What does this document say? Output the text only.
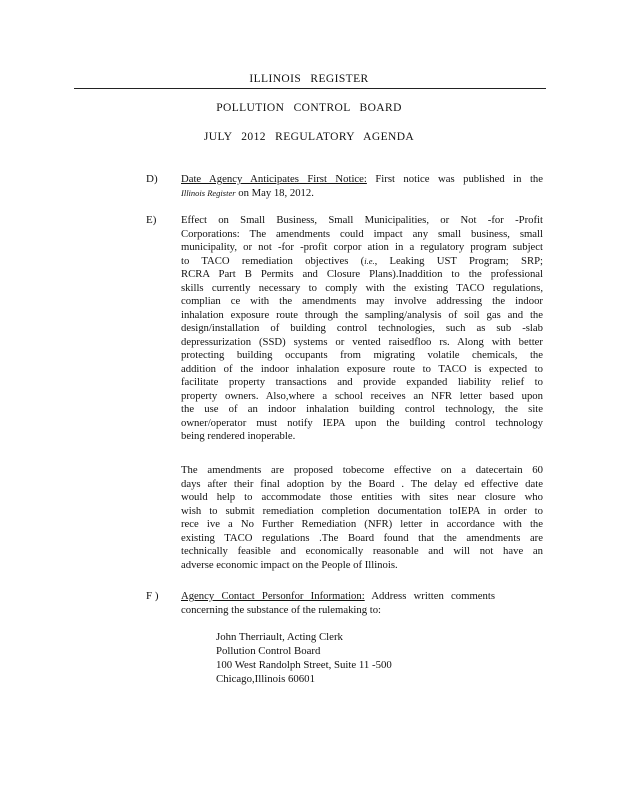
ILLINOIS REGISTER
POLLUTION CONTROL BOARD
JULY 2012 REGULATORY AGENDA
D) Date Agency Anticipates First Notice: First notice was published in the
Illinois Register on May 18, 2012.
E) Effect on Small Business, Small Municipalities, or Not -for -Profit
Corporations: The amendments could impact any small business, small
municipality, or not -for -profit corpor ation in a regulatory program subject
to TACO remediation objectives (i.e., Leaking UST Program; SRP;
RCRA Part B Permits and Closure Plans).Inaddition to the professional
skills currently necessary to comply with the existing TACO regulations,
complian ce with the amendments may involve addressing the indoor
inhalation exposure route through the sampling/analysis of soil gas and the
design/installation of building control technologies, such as sub -slab
depressurization (SSD) systems or vented raisedfloo rs. Along with better
protecting building occupants from migrating volatile chemicals, the
addition of the indoor inhalation exposure route to TACO is expected to
facilitate property transactions and provide expanded liability relief to
property owners. Also,where a school receives an NFR letter based upon
the use of an indoor inhalation building control technology, the site
owner/operator must notify IEPA upon the building control technology
being rendered inoperable.
The amendments are proposed tobecome effective on a datecertain 60
days after their final adoption by the Board . The delay ed effective date
would help to accommodate those entities with sites near closure who
wish to submit remediation completion documentation toIEPA in order to
rece ive a No Further Remediation (NFR) letter in accordance with the
existing TACO regulations .The Board found that the amendments are
technically feasible and economically reasonable and will not have an
adverse economic impact on the People of Illinois.
F ) Agency Contact Personfor Information: Address written comments
concerning the substance of the rulemaking to:
John Therriault, Acting Clerk
Pollution Control Board
100 West Randolph Street, Suite 11 -500
Chicago,Illinois 60601
